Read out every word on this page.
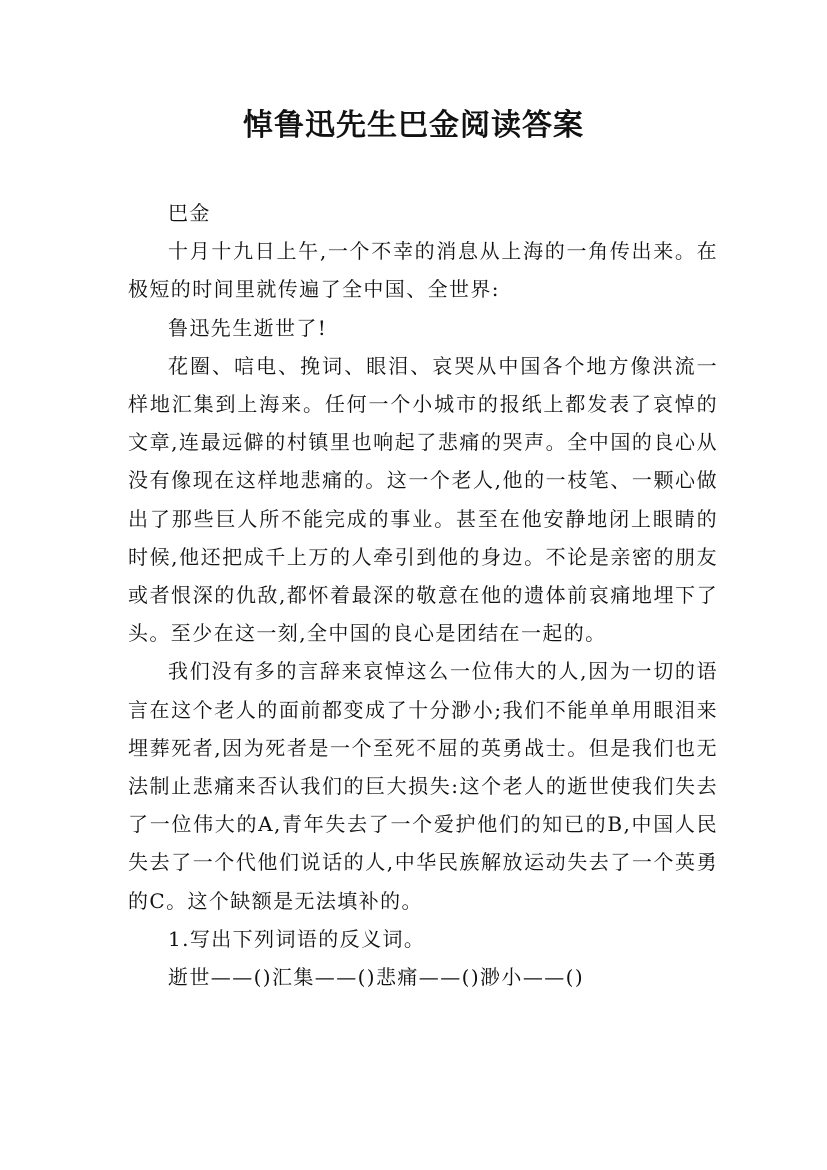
悼鲁迅先生巴金阅读答案

巴金

十月十九日上午,一个不幸的消息从上海的一角传出来。在极短的时间里就传遍了全中国、全世界:

鲁迅先生逝世了!

花圈、唁电、挽词、眼泪、哀哭从中国各个地方像洪流一样地汇集到上海来。任何一个小城市的报纸上都发表了哀悼的文章,连最远僻的村镇里也响起了悲痛的哭声。全中国的良心从没有像现在这样地悲痛的。这一个老人,他的一枝笔、一颗心做出了那些巨人所不能完成的事业。甚至在他安静地闭上眼睛的时候,他还把成千上万的人牵引到他的身边。不论是亲密的朋友或者恨深的仇敌,都怀着最深的敬意在他的遗体前哀痛地埋下了头。至少在这一刻,全中国的良心是团结在一起的。

我们没有多的言辞来哀悼这么一位伟大的人,因为一切的语言在这个老人的面前都变成了十分渺小;我们不能单单用眼泪来埋葬死者,因为死者是一个至死不屈的英勇战士。但是我们也无法制止悲痛来否认我们的巨大损失:这个老人的逝世使我们失去了一位伟大的A,青年失去了一个爱护他们的知已的B,中国人民失去了一个代他们说话的人,中华民族解放运动失去了一个英勇的C。这个缺额是无法填补的。

1.写出下列词语的反义词。

逝世——()汇集——()悲痛——()渺小——()
